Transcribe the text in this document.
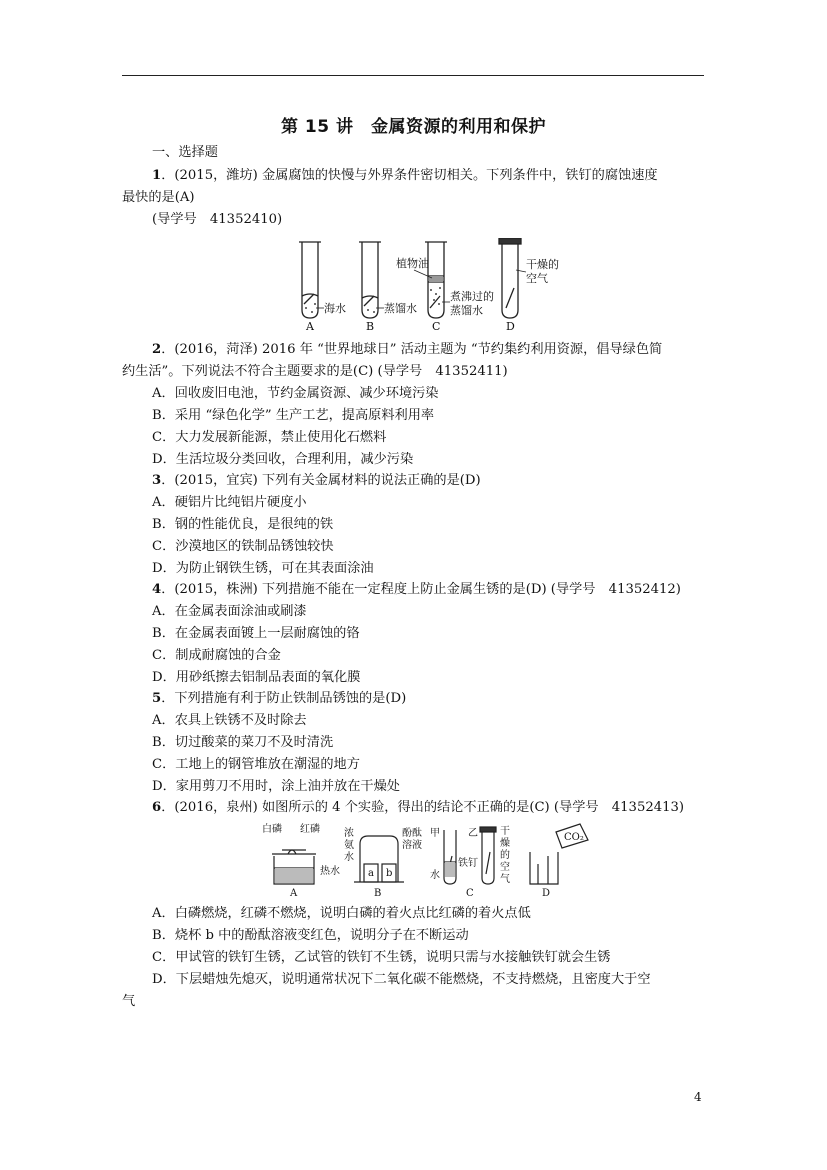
第 15 讲　金属资源的利用和保护
一、选择题
1．(2015，潍坊) 金属腐蚀的快慢与外界条件密切相关。下列条件中，铁钉的腐蚀速度
最快的是(A)
(导学号　41352410)
海水	蒸馏水
植物油
煮沸过的
蒸馏水
干燥的
空气
A	B	C	D
2．(2016，菏泽) 2016 年 “世界地球日” 活动主题为 “节约集约利用资源，倡导绿色简
约生活”。下列说法不符合主题要求的是(C) (导学号　41352411)
A．回收废旧电池，节约金属资源、减少环境污染
B．采用 “绿色化学” 生产工艺，提高原料利用率
C．大力发展新能源，禁止使用化石燃料
D．生活垃圾分类回收，合理利用，减少污染
3．(2015，宜宾) 下列有关金属材料的说法正确的是(D)
A．硬铝片比纯铝片硬度小
B．钢的性能优良，是很纯的铁
C．沙漠地区的铁制品锈蚀较快
D．为防止钢铁生锈，可在其表面涂油
4．(2015，株洲) 下列措施不能在一定程度上防止金属生锈的是(D) (导学号　41352412)
A．在金属表面涂油或刷漆
B．在金属表面镀上一层耐腐蚀的铬
C．制成耐腐蚀的合金
D．用砂纸擦去铝制品表面的氧化膜
5．下列措施有利于防止铁制品锈蚀的是(D)
A．农具上铁锈不及时除去
B．切过酸菜的菜刀不及时清洗
C．工地上的钢管堆放在潮湿的地方
D．家用剪刀不用时，涂上油并放在干燥处
6．(2016，泉州) 如图所示的 4 个实验，得出的结论不正确的是(C) (导学号　41352413)
白磷 红磷
热水
浓
氨
水
酚酞
溶液
a b
甲	乙
水
铁钉
干
燥
的
空
气
CO₂
A	B	C	D
A．白磷燃烧，红磷不燃烧，说明白磷的着火点比红磷的着火点低
B．烧杯 b 中的酚酞溶液变红色，说明分子在不断运动
C．甲试管的铁钉生锈，乙试管的铁钉不生锈，说明只需与水接触铁钉就会生锈
D．下层蜡烛先熄灭，说明通常状况下二氧化碳不能燃烧，不支持燃烧，且密度大于空
气
4
